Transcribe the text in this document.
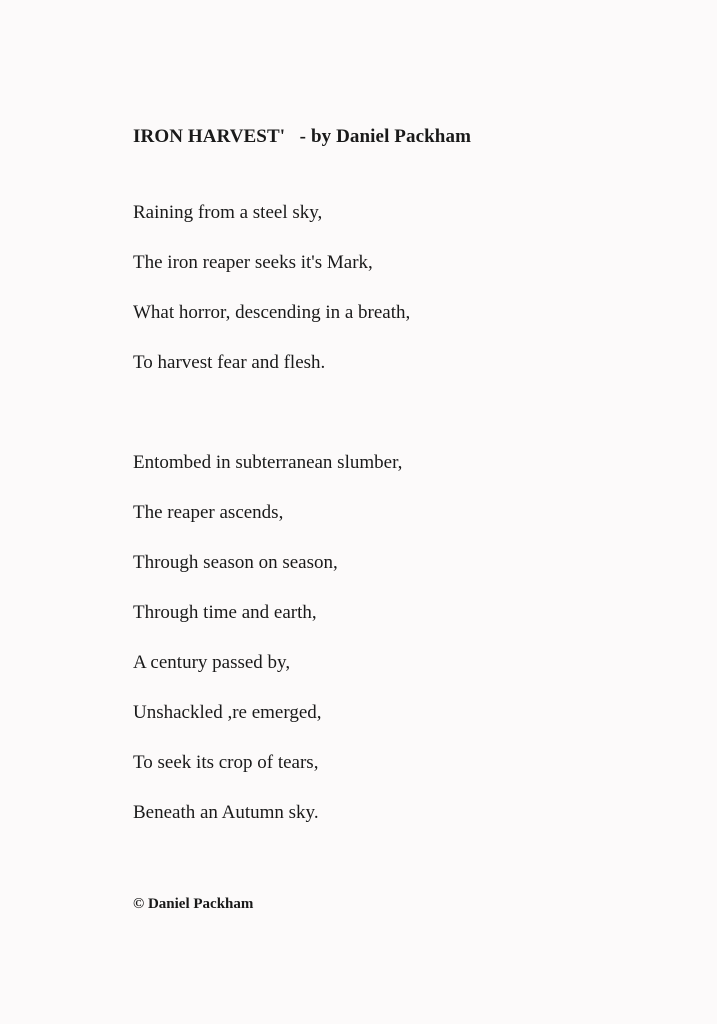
IRON HARVEST'   - by Daniel Packham
Raining from a steel sky,
The iron reaper seeks it's Mark,
What horror, descending in a breath,
To harvest fear and flesh.
Entombed in subterranean slumber,
The reaper ascends,
Through season on season,
Through time and earth,
A century passed by,
Unshackled ,re emerged,
To seek its crop of tears,
Beneath an Autumn sky.

© Daniel Packham
